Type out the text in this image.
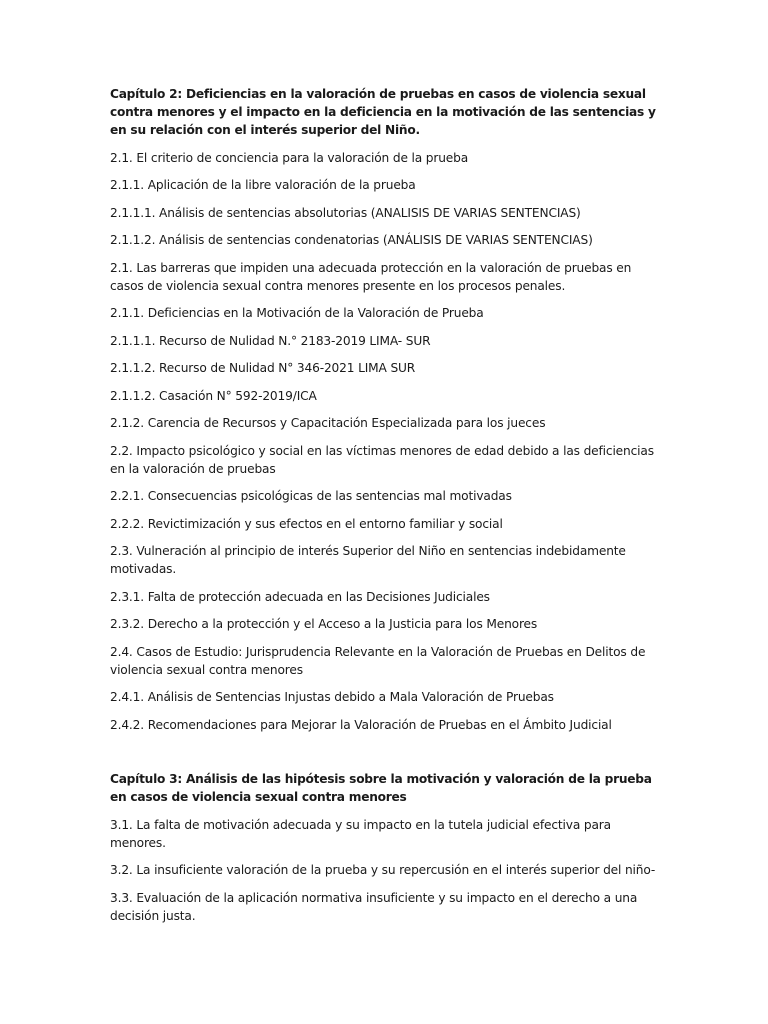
Capítulo 2: Deficiencias en la valoración de pruebas en casos de violencia sexual contra menores y el impacto en la deficiencia en la motivación de las sentencias y en su relación con el interés superior del Niño.

2.1. El criterio de conciencia para la valoración de la prueba

2.1.1. Aplicación de la libre valoración de la prueba

2.1.1.1. Análisis de sentencias absolutorias (ANALISIS DE VARIAS SENTENCIAS)

2.1.1.2. Análisis de sentencias condenatorias (ANÁLISIS DE VARIAS SENTENCIAS)

2.1. Las barreras que impiden una adecuada protección en la valoración de pruebas en casos de violencia sexual contra menores presente en los procesos penales.

2.1.1. Deficiencias en la Motivación de la Valoración de Prueba

2.1.1.1. Recurso de Nulidad N.° 2183-2019 LIMA- SUR

2.1.1.2. Recurso de Nulidad N° 346-2021 LIMA SUR

2.1.1.2. Casación N° 592-2019/ICA

2.1.2. Carencia de Recursos y Capacitación Especializada para los jueces

2.2. Impacto psicológico y social en las víctimas menores de edad debido a las deficiencias en la valoración de pruebas

2.2.1. Consecuencias psicológicas de las sentencias mal motivadas

2.2.2. Revictimización y sus efectos en el entorno familiar y social

2.3. Vulneración al principio de interés Superior del Niño en sentencias indebidamente motivadas.

2.3.1. Falta de protección adecuada en las Decisiones Judiciales

2.3.2. Derecho a la protección y el Acceso a la Justicia para los Menores

2.4. Casos de Estudio: Jurisprudencia Relevante en la Valoración de Pruebas en Delitos de violencia sexual contra menores

2.4.1. Análisis de Sentencias Injustas debido a Mala Valoración de Pruebas

2.4.2. Recomendaciones para Mejorar la Valoración de Pruebas en el Ámbito Judicial

Capítulo 3: Análisis de las hipótesis sobre la motivación y valoración de la prueba en casos de violencia sexual contra menores

3.1. La falta de motivación adecuada y su impacto en la tutela judicial efectiva para menores.

3.2. La insuficiente valoración de la prueba y su repercusión en el interés superior del niño-

3.3. Evaluación de la aplicación normativa insuficiente y su impacto en el derecho a una decisión justa.
